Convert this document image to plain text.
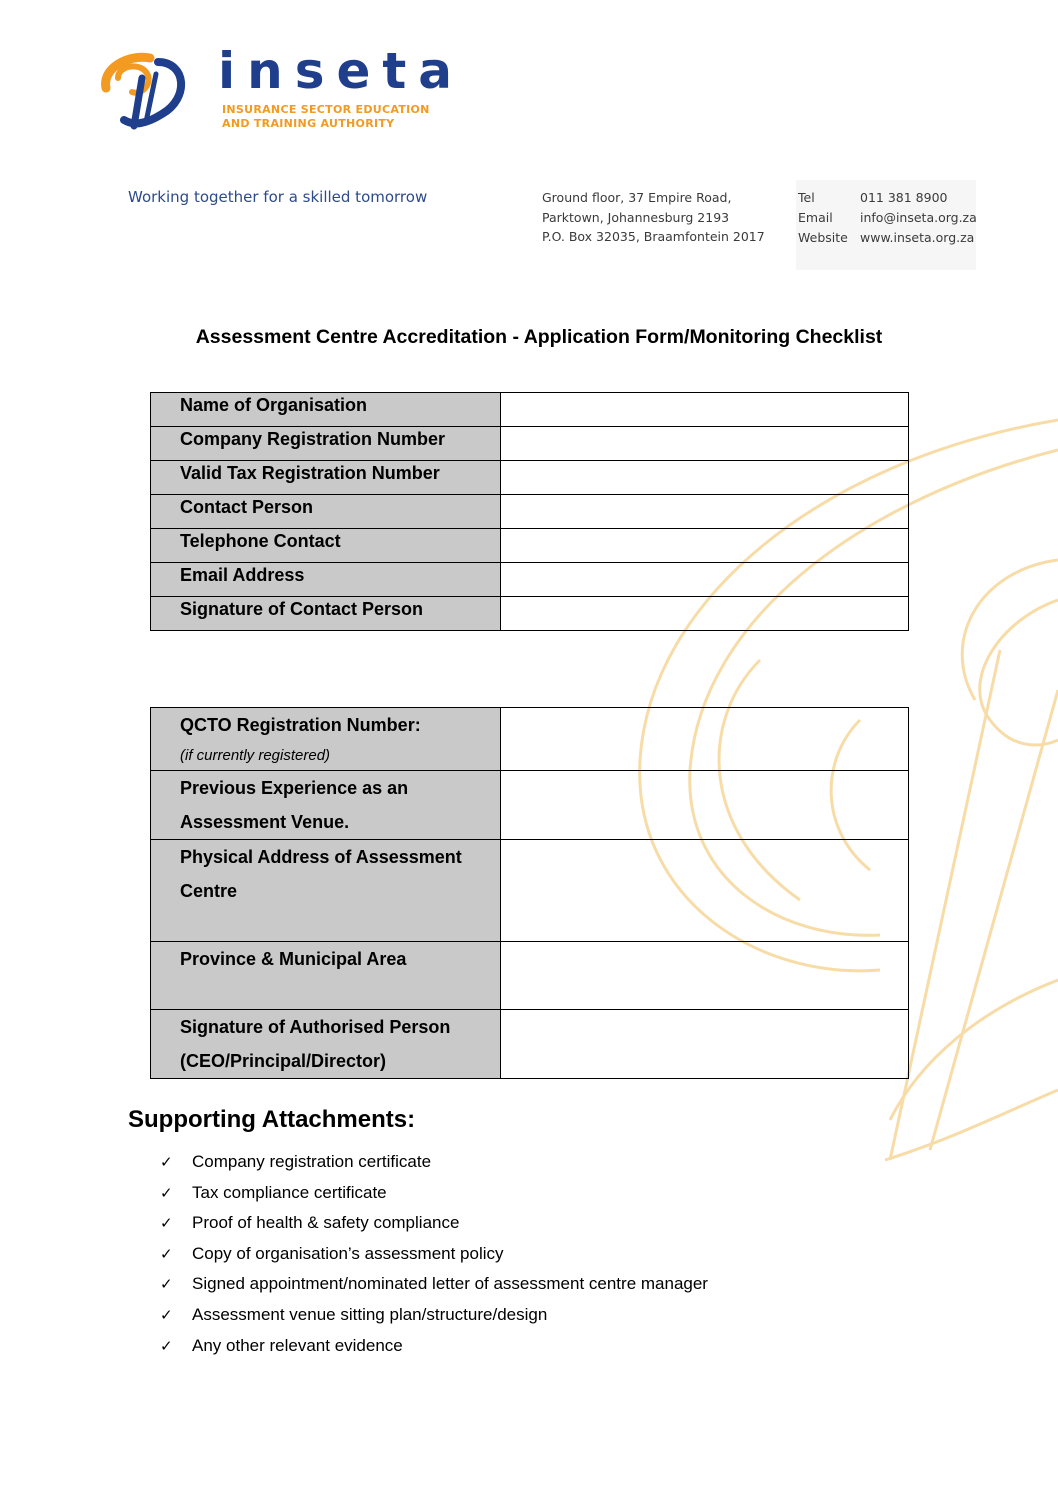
inseta
INSURANCE SECTOR EDUCATION
AND TRAINING AUTHORITY
Working together for a skilled tomorrow	Ground floor, 37 Empire Road,
Parktown, Johannesburg 2193
P.O. Box 32035, Braamfontein 2017
Tel	011 381 8900
Email info@inseta.org.za
Website www.inseta.org.za
Assessment Centre Accreditation - Application Form/Monitoring Checklist
Name of Organisation	
Company Registration Number	
Valid Tax Registration Number	
Contact Person	
Telephone Contact	
Email Address	
Signature of Contact Person	
QCTO Registration Number:
(if currently registered)	

Previous Experience as an Assessment Venue.	
Physical Address of Assessment Centre	
Province & Municipal Area	
Signature of Authorised Person (CEO/Principal/Director)	
Supporting Attachments:
✓ Company registration certificate
✓ Tax compliance certificate
✓ Proof of health & safety compliance
✓ Copy of organisation’s assessment policy
✓ Signed appointment/nominated letter of assessment centre manager
✓ Assessment venue sitting plan/structure/design
✓ Any other relevant evidence
